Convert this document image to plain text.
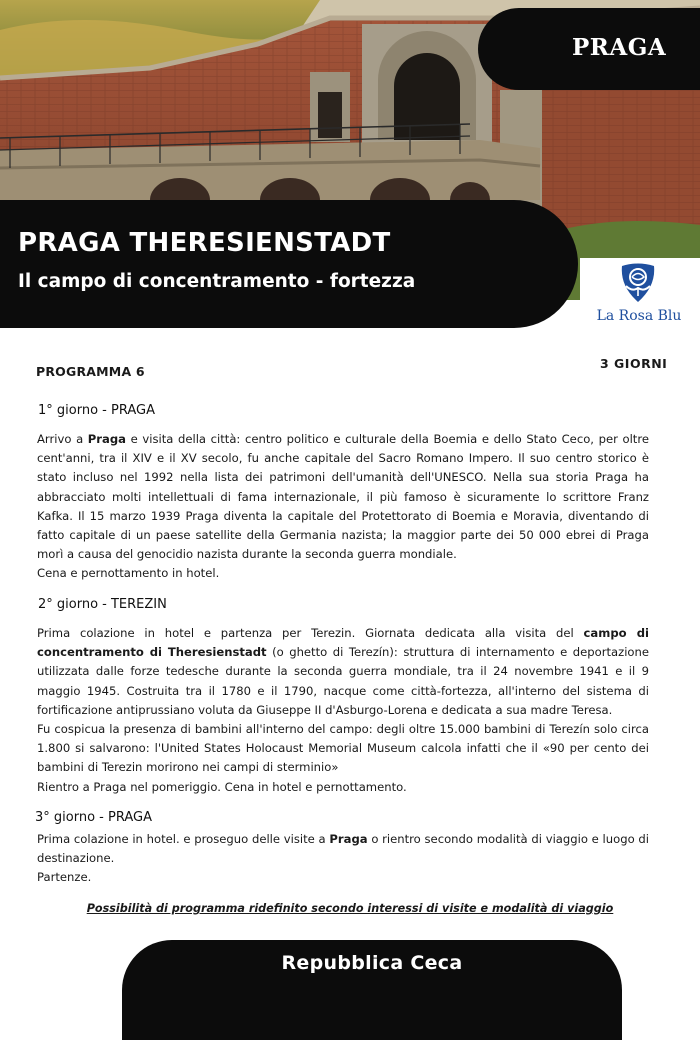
PRAGA
PRAGA THERESIENSTADT
Il campo di concentramento - fortezza
La Rosa Blu
PROGRAMMA 6
3 GIORNI
1° giorno - PRAGA
Arrivo a Praga e visita della città: centro politico e culturale della Boemia e dello Stato Ceco, per oltre cent'anni, tra il XIV e il XV secolo, fu anche capitale del Sacro Romano Impero. Il suo centro storico è stato incluso nel 1992 nella lista dei patrimoni dell'umanità dell'UNESCO. Nella sua storia Praga ha abbracciato molti intellettuali di fama internazionale, il più famoso è sicuramente lo scrittore Franz Kafka. Il 15 marzo 1939 Praga diventa la capitale del Protettorato di Boemia e Moravia, diventando di fatto capitale di un paese satellite della Germania nazista; la maggior parte dei 50 000 ebrei di Praga morì a causa del genocidio nazista durante la seconda guerra mondiale.
Cena e pernottamento in hotel.
2° giorno - TEREZIN
Prima colazione in hotel e partenza per Terezin. Giornata dedicata alla visita del campo di concentramento di Theresienstadt (o ghetto di Terezín): struttura di internamento e deportazione utilizzata dalle forze tedesche durante la seconda guerra mondiale, tra il 24 novembre 1941 e il 9 maggio 1945. Costruita tra il 1780 e il 1790, nacque come città-fortezza, all'interno del sistema di fortificazione antiprussiano voluta da Giuseppe II d'Asburgo-Lorena e dedicata a sua madre Teresa.
Fu cospicua la presenza di bambini all'interno del campo: degli oltre 15.000 bambini di Terezín solo circa 1.800 si salvarono: l'United States Holocaust Memorial Museum calcola infatti che il «90 per cento dei bambini di Terezin morirono nei campi di sterminio»
Rientro a Praga nel pomeriggio. Cena in hotel e pernottamento.
3° giorno - PRAGA
Prima colazione in hotel. e proseguo delle visite a Praga o rientro secondo modalità di viaggio e luogo di destinazione.
Partenze.
Possibilità di programma ridefinito secondo interessi di visite e modalità di viaggio
Repubblica Ceca
